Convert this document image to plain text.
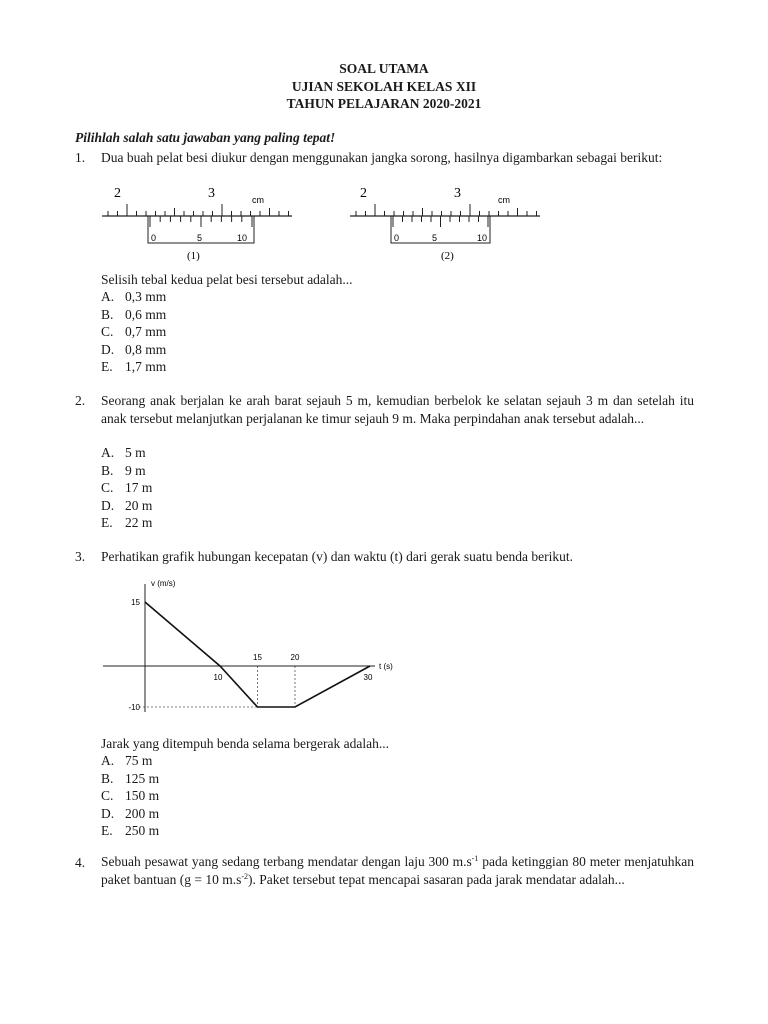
SOAL UTAMA
UJIAN SEKOLAH KELAS XII
TAHUN PELAJARAN 2020-2021
Pilihlah salah satu jawaban yang paling tepat!
1. Dua buah pelat besi diukur dengan menggunakan jangka sorong, hasilnya digambarkan sebagai berikut:
2	3	cm
0	5	10
(1)
2	3	cm
0	5	10
(2)
Selisih tebal kedua pelat besi tersebut adalah...
A. 0,3 mm
B. 0,6 mm
C. 0,7 mm
D. 0,8 mm
E. 1,7 mm
2. Seorang anak berjalan ke arah barat sejauh 5 m, kemudian berbelok ke selatan sejauh 3 m dan setelah itu anak tersebut melanjutkan perjalanan ke timur sejauh 9 m. Maka perpindahan anak tersebut adalah...
A. 5 m
B. 9 m
C. 17 m
D. 20 m
E. 22 m
3. Perhatikan grafik hubungan kecepatan (v) dan waktu (t) dari gerak suatu benda berikut.
v (m/s)
t (s)
15
-10
10
15	20
30
Jarak yang ditempuh benda selama bergerak adalah...
A. 75 m
B. 125 m
C. 150 m
D. 200 m
E. 250 m
4. Sebuah pesawat yang sedang terbang mendatar dengan laju 300 $m.s^{-1}$ pada ketinggian 80 meter menjatuhkan paket bantuan (g = 10 $m.s^{-2}$). Paket tersebut tepat mencapai sasaran pada jarak mendatar adalah...
